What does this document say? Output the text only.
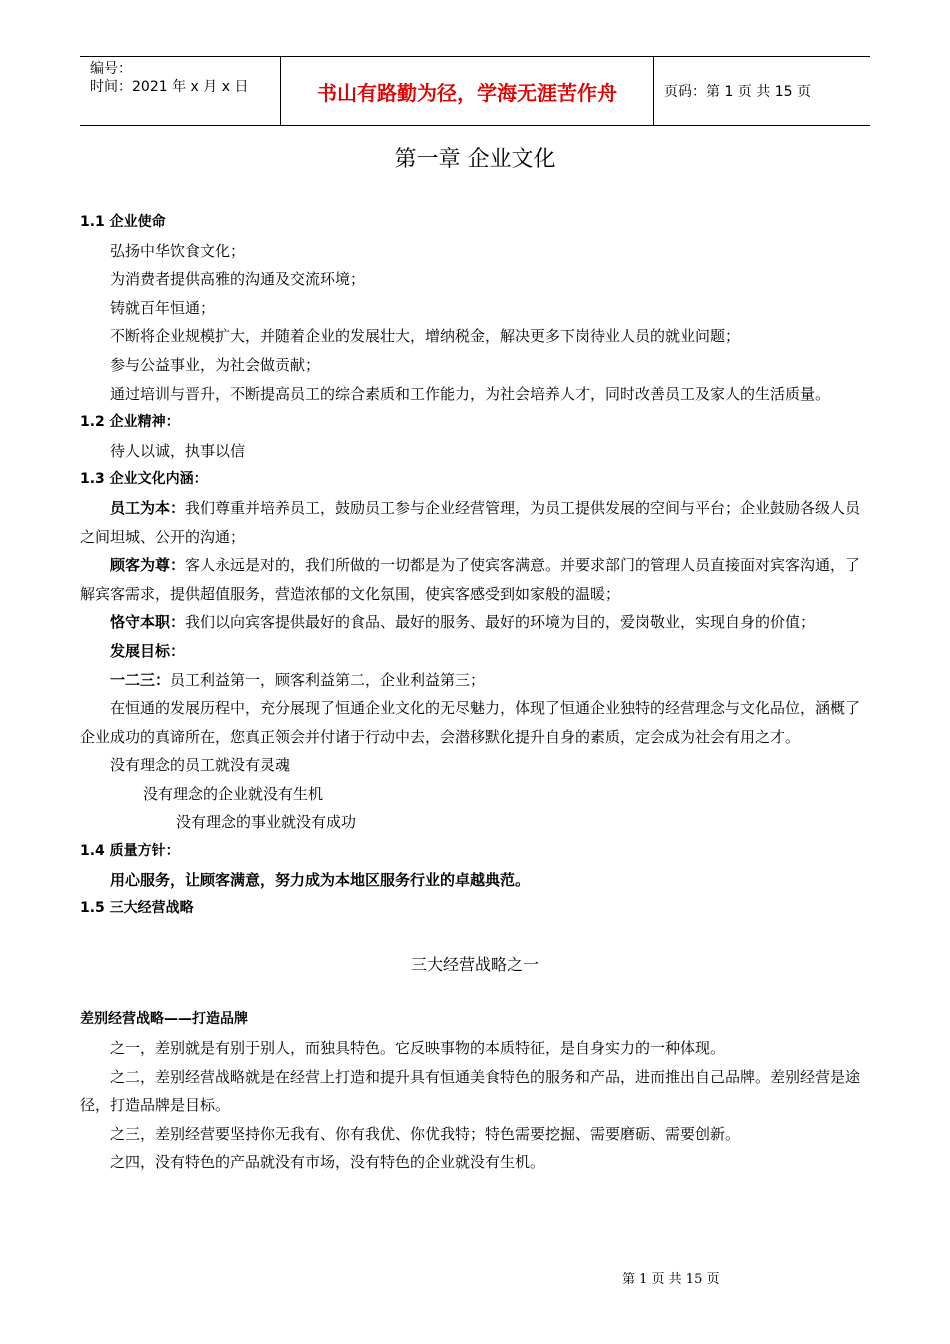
编号：
时间：2021 年 x 月 x 日	书山有路勤为径，学海无涯苦作舟	页码：第 1 页 共 15 页
第一章 企业文化
1.1 企业使命
弘扬中华饮食文化；
为消费者提供高雅的沟通及交流环境；
铸就百年恒通；
不断将企业规模扩大，并随着企业的发展壮大，增纳税金，解决更多下岗待业人员的就业问题；
参与公益事业，为社会做贡献；
通过培训与晋升，不断提高员工的综合素质和工作能力，为社会培养人才，同时改善员工及家人的生活质量。
1.2 企业精神：
待人以诚，执事以信
1.3 企业文化内涵：
员工为本：我们尊重并培养员工，鼓励员工参与企业经营管理，为员工提供发展的空间与平台；企业鼓励各级人员之间坦城、公开的沟通；
顾客为尊：客人永远是对的，我们所做的一切都是为了使宾客满意。并要求部门的管理人员直接面对宾客沟通，了解宾客需求，提供超值服务，营造浓郁的文化氛围，使宾客感受到如家般的温暖；
恪守本职：我们以向宾客提供最好的食品、最好的服务、最好的环境为目的，爱岗敬业，实现自身的价值；
发展目标：
一二三：员工利益第一，顾客利益第二，企业利益第三；
在恒通的发展历程中，充分展现了恒通企业文化的无尽魅力，体现了恒通企业独特的经营理念与文化品位，涵概了企业成功的真谛所在，您真正领会并付诸于行动中去，会潜移默化提升自身的素质，定会成为社会有用之才。
没有理念的员工就没有灵魂
没有理念的企业就没有生机
没有理念的事业就没有成功
1.4 质量方针：
用心服务，让顾客满意，努力成为本地区服务行业的卓越典范。
1.5 三大经营战略
三大经营战略之一
差别经营战略——打造品牌
之一，差别就是有别于别人，而独具特色。它反映事物的本质特征，是自身实力的一种体现。
之二，差别经营战略就是在经营上打造和提升具有恒通美食特色的服务和产品，进而推出自己品牌。差别经营是途径，打造品牌是目标。
之三，差别经营要坚持你无我有、你有我优、你优我特；特色需要挖掘、需要磨砺、需要创新。
之四，没有特色的产品就没有市场，没有特色的企业就没有生机。
第 1 页 共 15 页
